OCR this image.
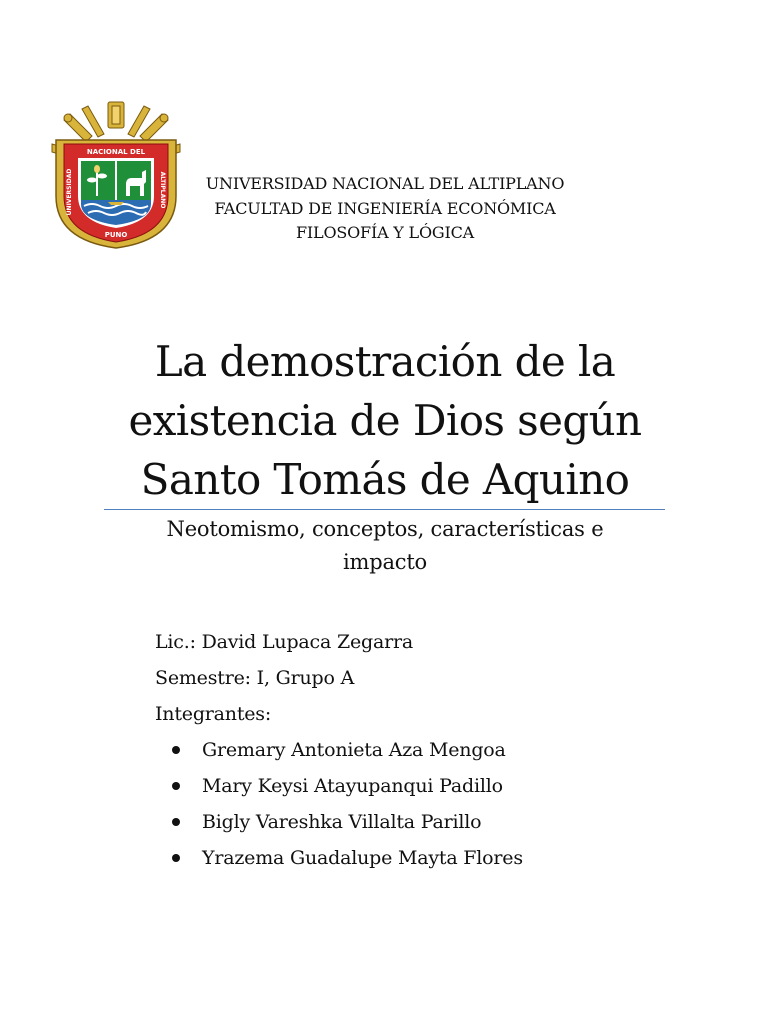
NACIONAL DEL
UNIVERSIDAD	ALTIPLANO
PUNO
UNIVERSIDAD NACIONAL DEL ALTIPLANO
FACULTAD DE INGENIERÍA ECONÓMICA
FILOSOFÍA Y LÓGICA
La demostración de la
existencia de Dios según
Santo Tomás de Aquino
Neotomismo, conceptos, características e
impacto
Lic.: David Lupaca Zegarra
Semestre: I, Grupo A
Integrantes:
Gremary Antonieta Aza Mengoa
Mary Keysi Atayupanqui Padillo
Bigly Vareshka Villalta Parillo
Yrazema Guadalupe Mayta Flores
